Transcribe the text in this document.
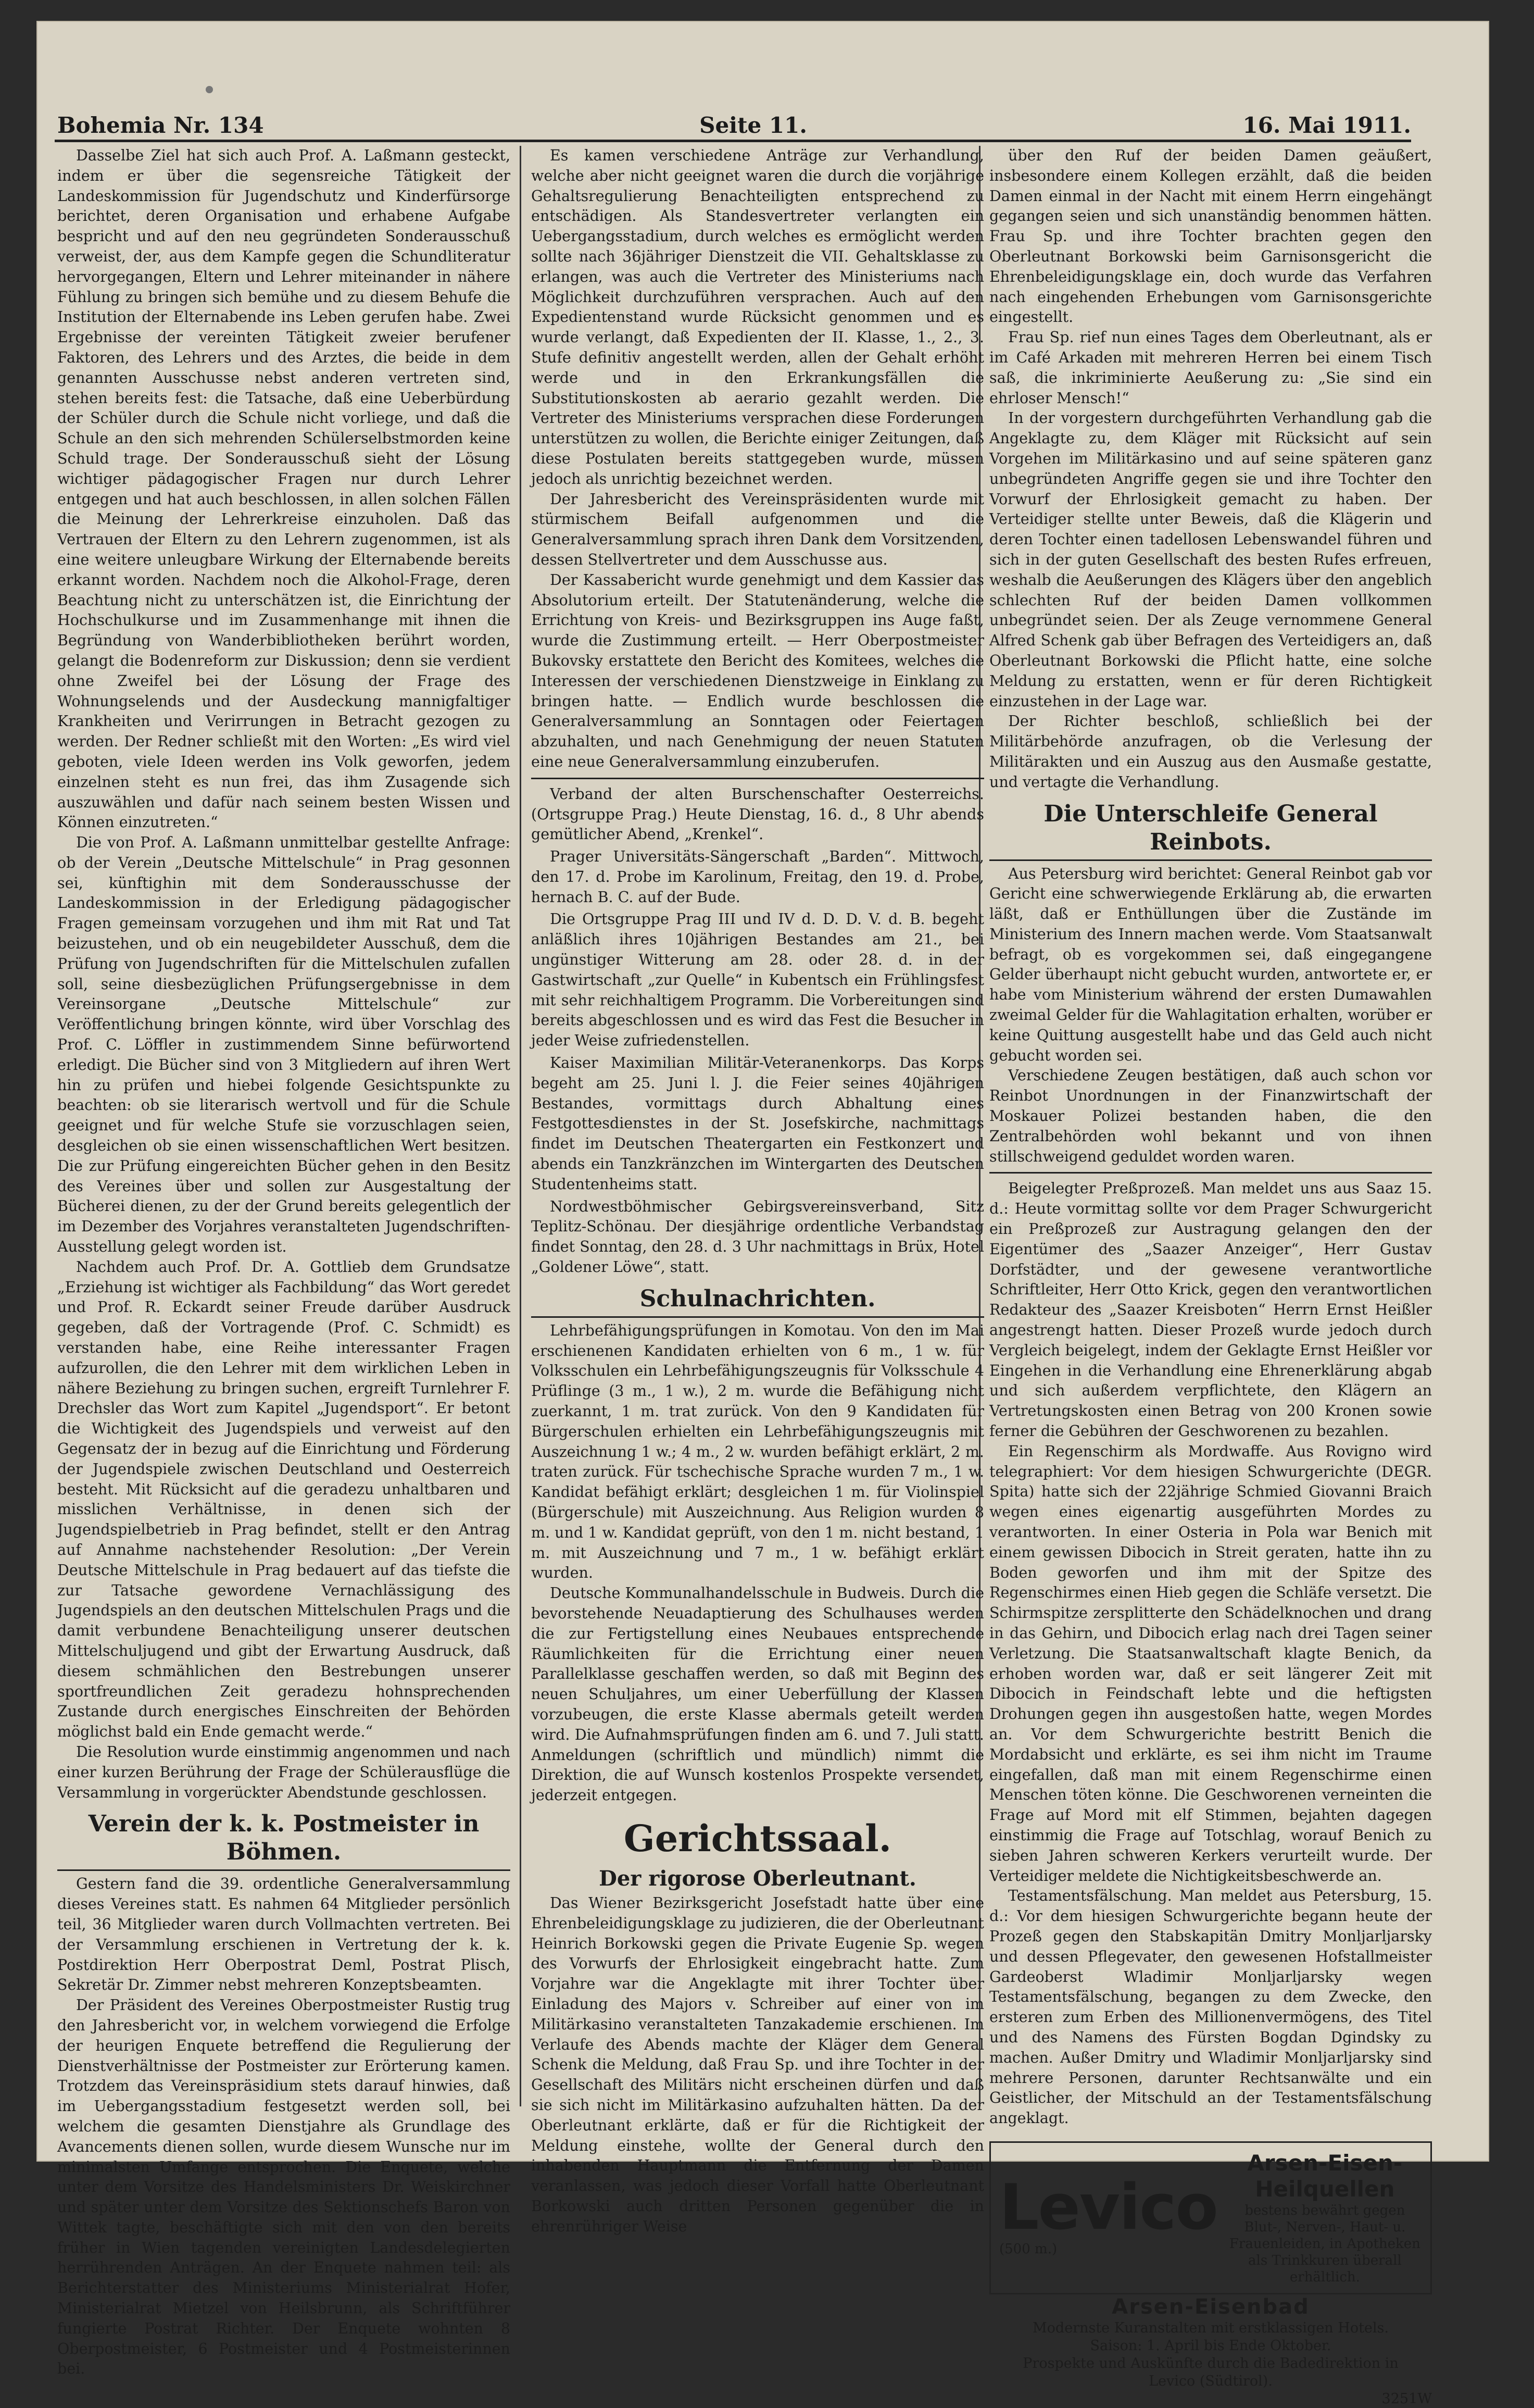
Bohemia Nr. 134	Seite 11.	16. Mai 1911.

Dasselbe Ziel hat sich auch Prof. A. Laßmann gesteckt, indem er über die segensreiche Tätigkeit der Landeskommission für Jugendschutz und Kinderfürsorge berichtet, deren Organisation und erhabene Aufgabe bespricht und auf den neu gegründeten Sonderausschuß verweist, der, aus dem Kampfe gegen die Schundliteratur hervorgegangen, Eltern und Lehrer miteinander in nähere Fühlung zu bringen sich bemühe und zu diesem Behufe die Institution der Elternabende ins Leben gerufen habe. Zwei Ergebnisse der vereinten Tätigkeit zweier berufener Faktoren, des Lehrers und des Arztes, die beide in dem genannten Ausschusse nebst anderen vertreten sind, stehen bereits fest: die Tatsache, daß eine Ueberbürdung der Schüler durch die Schule nicht vorliege, und daß die Schule an den sich mehrenden Schülerselbstmorden keine Schuld trage. Der Sonderausschuß sieht der Lösung wichtiger pädagogischer Fragen nur durch Lehrer entgegen und hat auch beschlossen, in allen solchen Fällen die Meinung der Lehrerkreise einzuholen. Daß das Vertrauen der Eltern zu den Lehrern zugenommen, ist als eine weitere unleugbare Wirkung der Elternabende bereits erkannt worden. Nachdem noch die Alkohol-Frage, deren Beachtung nicht zu unterschätzen ist, die Einrichtung der Hochschulkurse und im Zusammenhange mit ihnen die Begründung von Wanderbibliotheken berührt worden, gelangt die Bodenreform zur Diskussion; denn sie verdient ohne Zweifel bei der Lösung der Frage des Wohnungselends und der Ausdeckung mannigfaltiger Krankheiten und Verirrungen in Betracht gezogen zu werden. Der Redner schließt mit den Worten: „Es wird viel geboten, viele Ideen werden ins Volk geworfen, jedem einzelnen steht es nun frei, das ihm Zusagende sich auszuwählen und dafür nach seinem besten Wissen und Können einzutreten.“

Die von Prof. A. Laßmann unmittelbar gestellte Anfrage: ob der Verein „Deutsche Mittelschule“ in Prag gesonnen sei, künftighin mit dem Sonderausschusse der Landeskommission in der Erledigung pädagogischer Fragen gemeinsam vorzugehen und ihm mit Rat und Tat beizustehen, und ob ein neugebildeter Ausschuß, dem die Prüfung von Jugendschriften für die Mittelschulen zufallen soll, seine diesbezüglichen Prüfungsergebnisse in dem Vereinsorgane „Deutsche Mittelschule“ zur Veröffentlichung bringen könnte, wird über Vorschlag des Prof. C. Löffler in zustimmendem Sinne befürwortend erledigt. Die Bücher sind von 3 Mitgliedern auf ihren Wert hin zu prüfen und hiebei folgende Gesichtspunkte zu beachten: ob sie literarisch wertvoll und für die Schule geeignet und für welche Stufe sie vorzuschlagen seien, desgleichen ob sie einen wissenschaftlichen Wert besitzen. Die zur Prüfung eingereichten Bücher gehen in den Besitz des Vereines über und sollen zur Ausgestaltung der Bücherei dienen, zu der der Grund bereits gelegentlich der im Dezember des Vorjahres veranstalteten Jugendschriften-Ausstellung gelegt worden ist.

Nachdem auch Prof. Dr. A. Gottlieb dem Grundsatze „Erziehung ist wichtiger als Fachbildung“ das Wort geredet und Prof. R. Eckardt seiner Freude darüber Ausdruck gegeben, daß der Vortragende (Prof. C. Schmidt) es verstanden habe, eine Reihe interessanter Fragen aufzurollen, die den Lehrer mit dem wirklichen Leben in nähere Beziehung zu bringen suchen, ergreift Turnlehrer F. Drechsler das Wort zum Kapitel „Jugendsport“. Er betont die Wichtigkeit des Jugendspiels und verweist auf den Gegensatz der in bezug auf die Einrichtung und Förderung der Jugendspiele zwischen Deutschland und Oesterreich besteht. Mit Rücksicht auf die geradezu unhaltbaren und misslichen Verhältnisse, in denen sich der Jugendspielbetrieb in Prag befindet, stellt er den Antrag auf Annahme nachstehender Resolution: „Der Verein Deutsche Mittelschule in Prag bedauert auf das tiefste die zur Tatsache gewordene Vernachlässigung des Jugendspiels an den deutschen Mittelschulen Prags und die damit verbundene Benachteiligung unserer deutschen Mittelschuljugend und gibt der Erwartung Ausdruck, daß diesem schmählichen den Bestrebungen unserer sportfreundlichen Zeit geradezu hohnsprechenden Zustande durch energisches Einschreiten der Behörden möglichst bald ein Ende gemacht werde.“

Die Resolution wurde einstimmig angenommen und nach einer kurzen Berührung der Frage der Schülerausflüge die Versammlung in vorgerückter Abendstunde geschlossen.

Verein der k. k. Postmeister in Böhmen.

Gestern fand die 39. ordentliche Generalversammlung dieses Vereines statt. Es nahmen 64 Mitglieder persönlich teil, 36 Mitglieder waren durch Vollmachten vertreten. Bei der Versammlung erschienen in Vertretung der k. k. Postdirektion Herr Oberpostrat Deml, Postrat Plisch, Sekretär Dr. Zimmer nebst mehreren Konzeptsbeamten.

Der Präsident des Vereines Oberpostmeister Rustig trug den Jahresbericht vor, in welchem vorwiegend die Erfolge der heurigen Enquete betreffend die Regulierung der Dienstverhältnisse der Postmeister zur Erörterung kamen. Trotzdem das Vereinspräsidium stets darauf hinwies, daß im Uebergangsstadium festgesetzt werden soll, bei welchem die gesamten Dienstjahre als Grundlage des Avancements dienen sollen, wurde diesem Wunsche nur im minimalsten Umfange entsprochen. Die Enquete, welche unter dem Vorsitze des Handelsministers Dr. Weiskirchner und später unter dem Vorsitze des Sektionschefs Baron von Wittek tagte, beschäftigte sich mit den von den bereits früher in Wien tagenden vereinigten Landesdelegierten herrührenden Anträgen. An der Enquete nahmen teil: als Berichterstatter des Ministeriums Ministerialrat Hofer, Ministerialrat Mietzel von Heilsbrunn, als Schriftführer fungierte Postrat Richter. Der Enquete wohnten 8 Oberpostmeister, 6 Postmeister und 4 Postmeisterinnen bei.

Es kamen verschiedene Anträge zur Verhandlung, welche aber nicht geeignet waren die durch die vorjährige Gehaltsregulierung Benachteiligten entsprechend zu entschädigen. Als Standesvertreter verlangten ein Uebergangsstadium, durch welches es ermöglicht werden sollte nach 36jähriger Dienstzeit die VII. Gehaltsklasse zu erlangen, was auch die Vertreter des Ministeriums nach Möglichkeit durchzuführen versprachen. Auch auf den Expedientenstand wurde Rücksicht genommen und es wurde verlangt, daß Expedienten der II. Klasse, 1., 2., 3. Stufe definitiv angestellt werden, allen der Gehalt erhöht werde und in den Erkrankungsfällen die Substitutionskosten ab aerario gezahlt werden. Die Vertreter des Ministeriums versprachen diese Forderungen unterstützen zu wollen, die Berichte einiger Zeitungen, daß diese Postulaten bereits stattgegeben wurde, müssen jedoch als unrichtig bezeichnet werden.

Der Jahresbericht des Vereinspräsidenten wurde mit stürmischem Beifall aufgenommen und die Generalversammlung sprach ihren Dank dem Vorsitzenden, dessen Stellvertreter und dem Ausschusse aus.

Der Kassabericht wurde genehmigt und dem Kassier das Absolutorium erteilt. Der Statutenänderung, welche die Errichtung von Kreis- und Bezirksgruppen ins Auge faßt, wurde die Zustimmung erteilt. — Herr Oberpostmeister Bukovsky erstattete den Bericht des Komitees, welches die Interessen der verschiedenen Dienstzweige in Einklang zu bringen hatte. — Endlich wurde beschlossen die Generalversammlung an Sonntagen oder Feiertagen abzuhalten, und nach Genehmigung der neuen Statuten eine neue Generalversammlung einzuberufen.

Verband der alten Burschenschafter Oesterreichs. (Ortsgruppe Prag.) Heute Dienstag, 16. d., 8 Uhr abends gemütlicher Abend, „Krenkel“.

Prager Universitäts-Sängerschaft „Barden“. Mittwoch, den 17. d. Probe im Karolinum, Freitag, den 19. d. Probe, hernach B. C. auf der Bude.

Die Ortsgruppe Prag III und IV d. D. D. V. d. B. begeht anläßlich ihres 10jährigen Bestandes am 21., bei ungünstiger Witterung am 28. oder 28. d. in der Gastwirtschaft „zur Quelle“ in Kubentsch ein Frühlingsfest mit sehr reichhaltigem Programm. Die Vorbereitungen sind bereits abgeschlossen und es wird das Fest die Besucher in jeder Weise zufriedenstellen.

Kaiser Maximilian Militär-Veteranenkorps. Das Korps begeht am 25. Juni l. J. die Feier seines 40jährigen Bestandes, vormittags durch Abhaltung eines Festgottesdienstes in der St. Josefskirche, nachmittags findet im Deutschen Theatergarten ein Festkonzert und abends ein Tanzkränzchen im Wintergarten des Deutschen Studentenheims statt.

Nordwestböhmischer Gebirgsvereinsverband, Sitz Teplitz-Schönau. Der diesjährige ordentliche Verbandstag findet Sonntag, den 28. d. 3 Uhr nachmittags in Brüx, Hotel „Goldener Löwe“, statt.

Schulnachrichten.

Lehrbefähigungsprüfungen in Komotau. Von den im Mai erschienenen Kandidaten erhielten von 6 m., 1 w. für Volksschulen ein Lehrbefähigungszeugnis für Volksschule 4 Prüflinge (3 m., 1 w.), 2 m. wurde die Befähigung nicht zuerkannt, 1 m. trat zurück. Von den 9 Kandidaten für Bürgerschulen erhielten ein Lehrbefähigungszeugnis mit Auszeichnung 1 w.; 4 m., 2 w. wurden befähigt erklärt, 2 m. traten zurück. Für tschechische Sprache wurden 7 m., 1 w. Kandidat befähigt erklärt; desgleichen 1 m. für Violinspiel (Bürgerschule) mit Auszeichnung. Aus Religion wurden 8 m. und 1 w. Kandidat geprüft, von den 1 m. nicht bestand, 1 m. mit Auszeichnung und 7 m., 1 w. befähigt erklärt wurden.

Deutsche Kommunalhandelsschule in Budweis. Durch die bevorstehende Neuadaptierung des Schulhauses werden die zur Fertigstellung eines Neubaues entsprechende Räumlichkeiten für die Errichtung einer neuen Parallelklasse geschaffen werden, so daß mit Beginn des neuen Schuljahres, um einer Ueberfüllung der Klassen vorzubeugen, die erste Klasse abermals geteilt werden wird. Die Aufnahmsprüfungen finden am 6. und 7. Juli statt. Anmeldungen (schriftlich und mündlich) nimmt die Direktion, die auf Wunsch kostenlos Prospekte versendet, jederzeit entgegen.

Gerichtssaal.
Der rigorose Oberleutnant.

Das Wiener Bezirksgericht Josefstadt hatte über eine Ehrenbeleidigungsklage zu judizieren, die der Oberleutnant Heinrich Borkowski gegen die Private Eugenie Sp. wegen des Vorwurfs der Ehrlosigkeit eingebracht hatte. Zum Vorjahre war die Angeklagte mit ihrer Tochter über Einladung des Majors v. Schreiber auf einer von im Militärkasino veranstalteten Tanzakademie erschienen. Im Verlaufe des Abends machte der Kläger dem General Schenk die Meldung, daß Frau Sp. und ihre Tochter in der Gesellschaft des Militärs nicht erscheinen dürfen und daß sie sich nicht im Militärkasino aufzuhalten hätten. Da der Oberleutnant erklärte, daß er für die Richtigkeit der Meldung einstehe, wollte der General durch den inhabenden Hauptmann die Entfernung der Damen veranlassen, was jedoch dieser Vorfall hatte Oberleutnant Borkowski auch dritten Personen gegenüber die in ehrenrühriger Weise

über den Ruf der beiden Damen geäußert, insbesondere einem Kollegen erzählt, daß die beiden Damen einmal in der Nacht mit einem Herrn eingehängt gegangen seien und sich unanständig benommen hätten. Frau Sp. und ihre Tochter brachten gegen den Oberleutnant Borkowski beim Garnisonsgericht die Ehrenbeleidigungsklage ein, doch wurde das Verfahren nach eingehenden Erhebungen vom Garnisonsgerichte eingestellt.

Frau Sp. rief nun eines Tages dem Oberleutnant, als er im Café Arkaden mit mehreren Herren bei einem Tisch saß, die inkriminierte Aeußerung zu: „Sie sind ein ehrloser Mensch!“

In der vorgestern durchgeführten Verhandlung gab die Angeklagte zu, dem Kläger mit Rücksicht auf sein Vorgehen im Militärkasino und auf seine späteren ganz unbegründeten Angriffe gegen sie und ihre Tochter den Vorwurf der Ehrlosigkeit gemacht zu haben. Der Verteidiger stellte unter Beweis, daß die Klägerin und deren Tochter einen tadellosen Lebenswandel führen und sich in der guten Gesellschaft des besten Rufes erfreuen, weshalb die Aeußerungen des Klägers über den angeblich schlechten Ruf der beiden Damen vollkommen unbegründet seien. Der als Zeuge vernommene General Alfred Schenk gab über Befragen des Verteidigers an, daß Oberleutnant Borkowski die Pflicht hatte, eine solche Meldung zu erstatten, wenn er für deren Richtigkeit einzustehen in der Lage war.

Der Richter beschloß, schließlich bei der Militärbehörde anzufragen, ob die Verlesung der Militärakten und ein Auszug aus den Ausmaße gestatte, und vertagte die Verhandlung.

Die Unterschleife General Reinbots.

Aus Petersburg wird berichtet: General Reinbot gab vor Gericht eine schwerwiegende Erklärung ab, die erwarten läßt, daß er Enthüllungen über die Zustände im Ministerium des Innern machen werde. Vom Staatsanwalt befragt, ob es vorgekommen sei, daß eingegangene Gelder überhaupt nicht gebucht wurden, antwortete er, er habe vom Ministerium während der ersten Dumawahlen zweimal Gelder für die Wahlagitation erhalten, worüber er keine Quittung ausgestellt habe und das Geld auch nicht gebucht worden sei.

Verschiedene Zeugen bestätigen, daß auch schon vor Reinbot Unordnungen in der Finanzwirtschaft der Moskauer Polizei bestanden haben, die den Zentralbehörden wohl bekannt und von ihnen stillschweigend geduldet worden waren.

Beigelegter Preßprozeß. Man meldet uns aus Saaz 15. d.: Heute vormittag sollte vor dem Prager Schwurgericht ein Preßprozeß zur Austragung gelangen den der Eigentümer des „Saazer Anzeiger“, Herr Gustav Dorfstädter, und der gewesene verantwortliche Schriftleiter, Herr Otto Krick, gegen den verantwortlichen Redakteur des „Saazer Kreisboten“ Herrn Ernst Heißler angestrengt hatten. Dieser Prozeß wurde jedoch durch Vergleich beigelegt, indem der Geklagte Ernst Heißler vor Eingehen in die Verhandlung eine Ehrenerklärung abgab und sich außerdem verpflichtete, den Klägern an Vertretungskosten einen Betrag von 200 Kronen sowie ferner die Gebühren der Geschworenen zu bezahlen.

Ein Regenschirm als Mordwaffe. Aus Rovigno wird telegraphiert: Vor dem hiesigen Schwurgerichte (DEGR. Spita) hatte sich der 22jährige Schmied Giovanni Braich wegen eines eigenartig ausgeführten Mordes zu verantworten. In einer Osteria in Pola war Benich mit einem gewissen Dibocich in Streit geraten, hatte ihn zu Boden geworfen und ihm mit der Spitze des Regenschirmes einen Hieb gegen die Schläfe versetzt. Die Schirmspitze zersplitterte den Schädelknochen und drang in das Gehirn, und Dibocich erlag nach drei Tagen seiner Verletzung. Die Staatsanwaltschaft klagte Benich, da erhoben worden war, daß er seit längerer Zeit mit Dibocich in Feindschaft lebte und die heftigsten Drohungen gegen ihn ausgestoßen hatte, wegen Mordes an. Vor dem Schwurgerichte bestritt Benich die Mordabsicht und erklärte, es sei ihm nicht im Traume eingefallen, daß man mit einem Regenschirme einen Menschen töten könne. Die Geschworenen verneinten die Frage auf Mord mit elf Stimmen, bejahten dagegen einstimmig die Frage auf Totschlag, worauf Benich zu sieben Jahren schweren Kerkers verurteilt wurde. Der Verteidiger meldete die Nichtigkeitsbeschwerde an.

Testamentsfälschung. Man meldet aus Petersburg, 15. d.: Vor dem hiesigen Schwurgerichte begann heute der Prozeß gegen den Stabskapitän Dmitry Monljarljarsky und dessen Pflegevater, den gewesenen Hofstallmeister Gardeoberst Wladimir Monljarljarsky wegen Testamentsfälschung, begangen zu dem Zwecke, den ersteren zum Erben des Millionenvermögens, des Titel und des Namens des Fürsten Bogdan Dgindsky zu machen. Außer Dmitry und Wladimir Monljarljarsky sind mehrere Personen, darunter Rechtsanwälte und ein Geistlicher, der Mitschuld an der Testamentsfälschung angeklagt.

Levico
(500 m.)
Arsen-Eisen-Heilquellen
bestens bewährt gegen Blut-, Nerven-, Haut- u. Frauenleiden, in Apotheken als Trinkkuren überall erhältlich.
Arsen-Eisenbad
Modernste Kuranstalten mit erstklassigen Hotels.
Saison: 1. April bis Ende Oktober.
Prospekte und Auskünfte durch die Badedirektion in
Levico (Südtirol).
3251W
